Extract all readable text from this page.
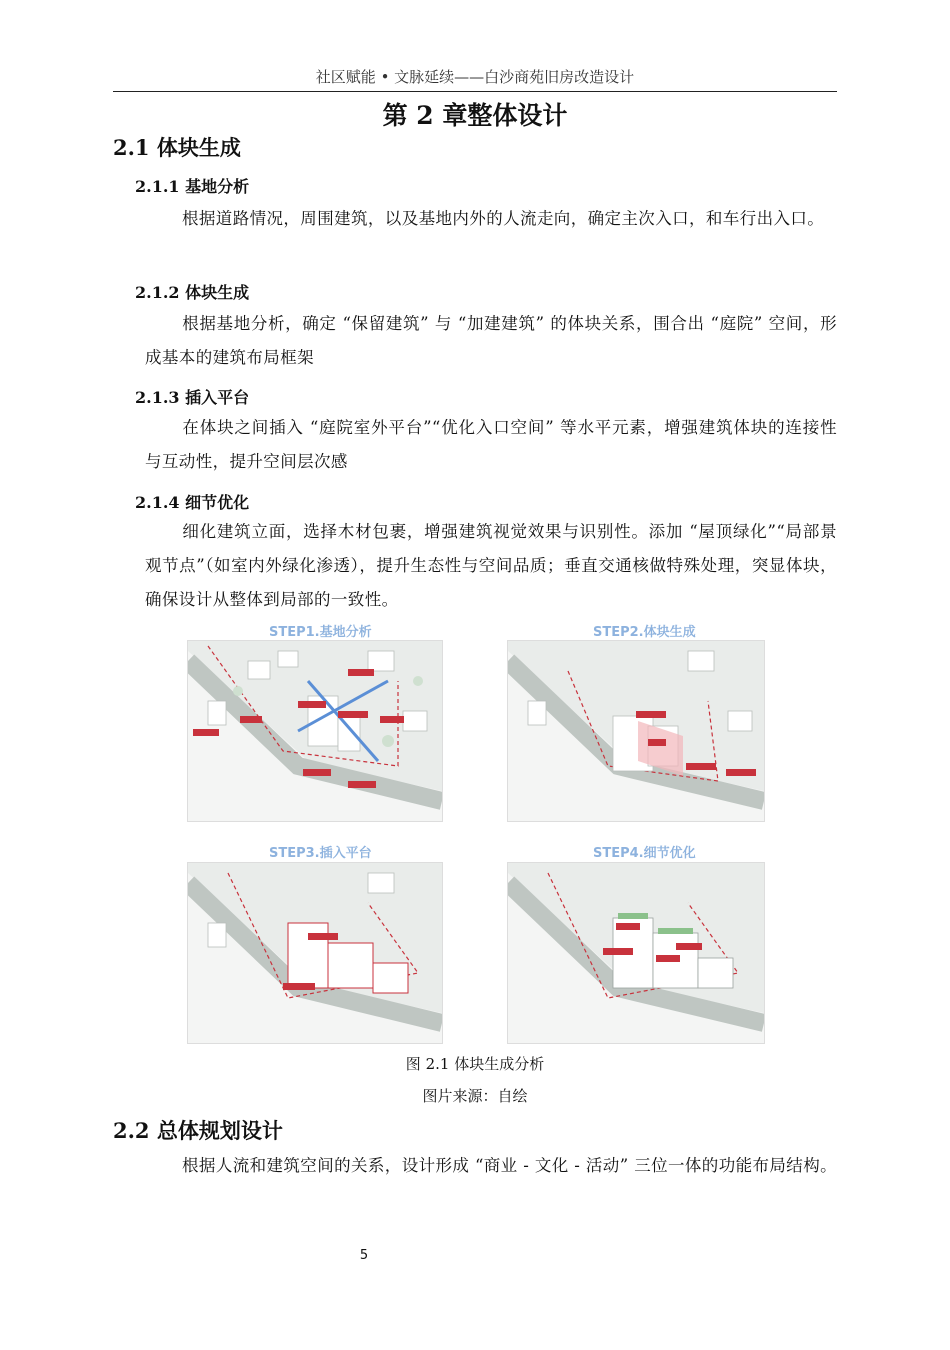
社区赋能 • 文脉延续——白沙商苑旧房改造设计
第 2 章整体设计
2.1 体块生成
2.1.1 基地分析
根据道路情况，周围建筑，以及基地内外的人流走向，确定主次入口，和车行出入口。
2.1.2 体块生成
根据基地分析，确定 “保留建筑” 与 “加建建筑” 的体块关系，围合出 “庭院” 空间，形成基本的建筑布局框架
2.1.3 插入平台
在体块之间插入 “庭院室外平台”“优化入口空间” 等水平元素，增强建筑体块的连接性与互动性，提升空间层次感
2.1.4 细节优化
细化建筑立面，选择木材包裹，增强建筑视觉效果与识别性。添加 “屋顶绿化”“局部景观节点”（如室内外绿化渗透），提升生态性与空间品质；垂直交通核做特殊处理，突显体块，确保设计从整体到局部的一致性。
STEP1.基地分析	STEP2.体块生成
STEP3.插入平台	STEP4.细节优化
图 2.1 体块生成分析
图片来源：自绘
2.2 总体规划设计
根据人流和建筑空间的关系，设计形成 “商业 - 文化 - 活动” 三位一体的功能布局结构。
5
